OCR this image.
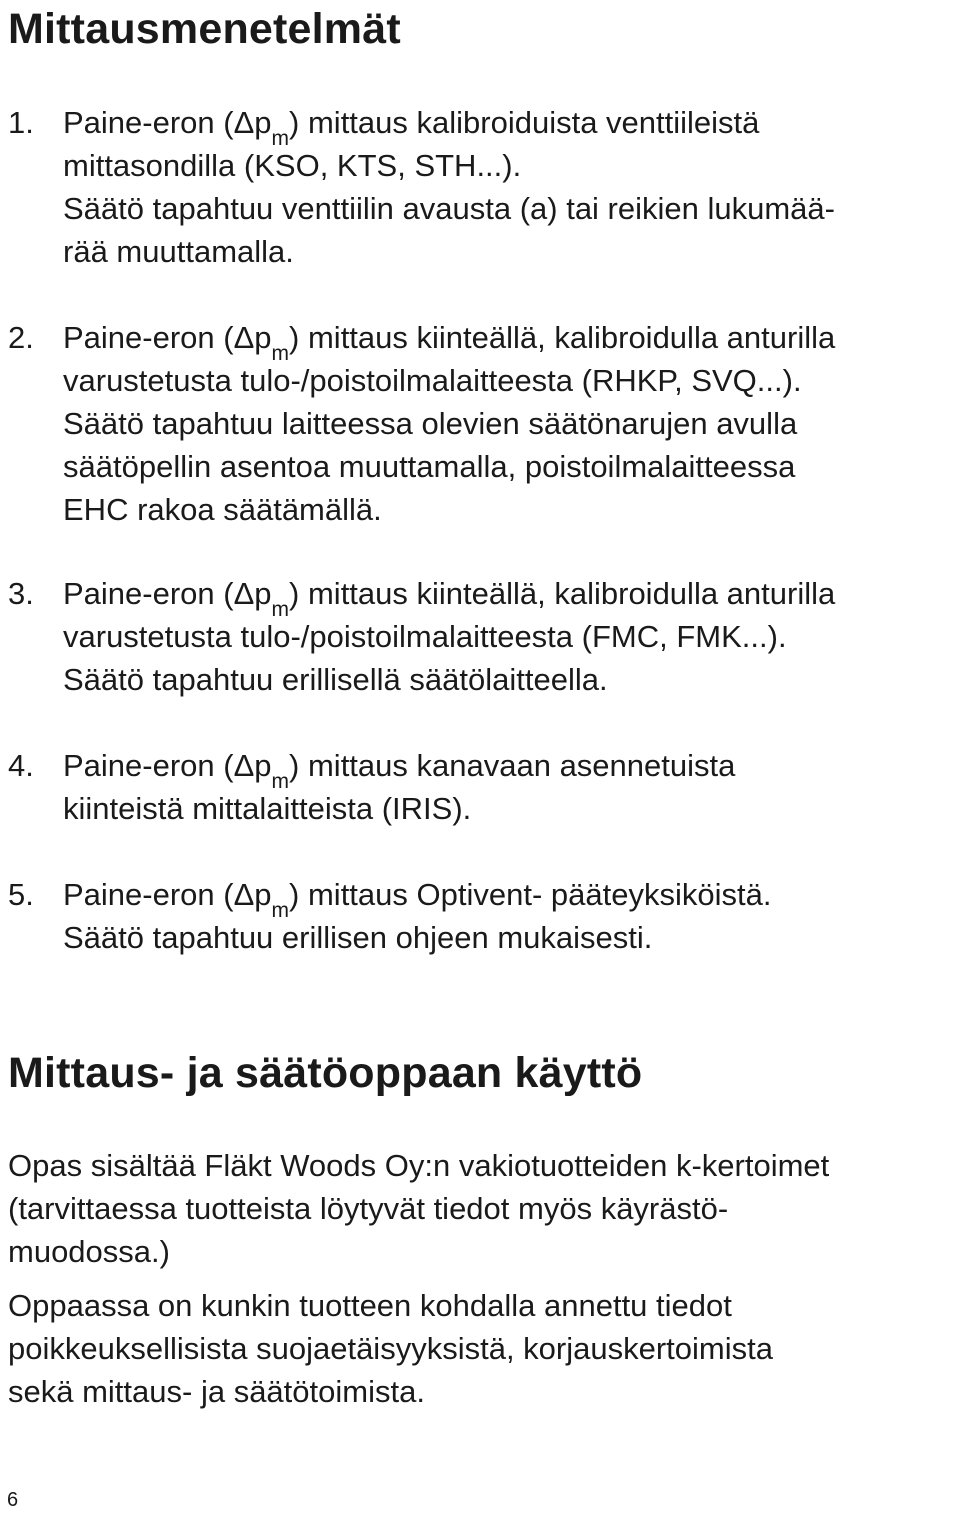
Mittausmenetelmät
1. Paine-eron $(\Delta p_m)$ mittaus kalibroiduista venttiileistä
mittasondilla (KSO, KTS, STH...).
Säätö tapahtuu venttiilin avausta (a) tai reikien lukumää-
rää muuttamalla.
2. Paine-eron $(\Delta p_m)$ mittaus kiinteällä, kalibroidulla anturilla
varustetusta tulo-/poistoilmalaitteesta (RHKP, SVQ...).
Säätö tapahtuu laitteessa olevien säätönarujen avulla
säätöpellin asentoa muuttamalla, poistoilmalaitteessa
EHC rakoa säätämällä.
3. Paine-eron $(\Delta p_m)$ mittaus kiinteällä, kalibroidulla anturilla
varustetusta tulo-/poistoilmalaitteesta (FMC, FMK...).
Säätö tapahtuu erillisellä säätölaitteella.
4. Paine-eron $(\Delta p_m)$ mittaus kanavaan asennetuista
kiinteistä mittalaitteista (IRIS).
5. Paine-eron $(\Delta p_m)$ mittaus Optivent- pääteyksiköistä.
Säätö tapahtuu erillisen ohjeen mukaisesti.
Mittaus- ja säätöoppaan käyttö
Opas sisältää Fläkt Woods Oy:n vakiotuotteiden k-kertoimet
(tarvittaessa tuotteista löytyvät tiedot myös käyrästö-
muodossa.)
Oppaassa on kunkin tuotteen kohdalla annettu tiedot
poikkeuksellisista suojaetäisyyksistä, korjauskertoimista
sekä mittaus- ja säätötoimista.
6
